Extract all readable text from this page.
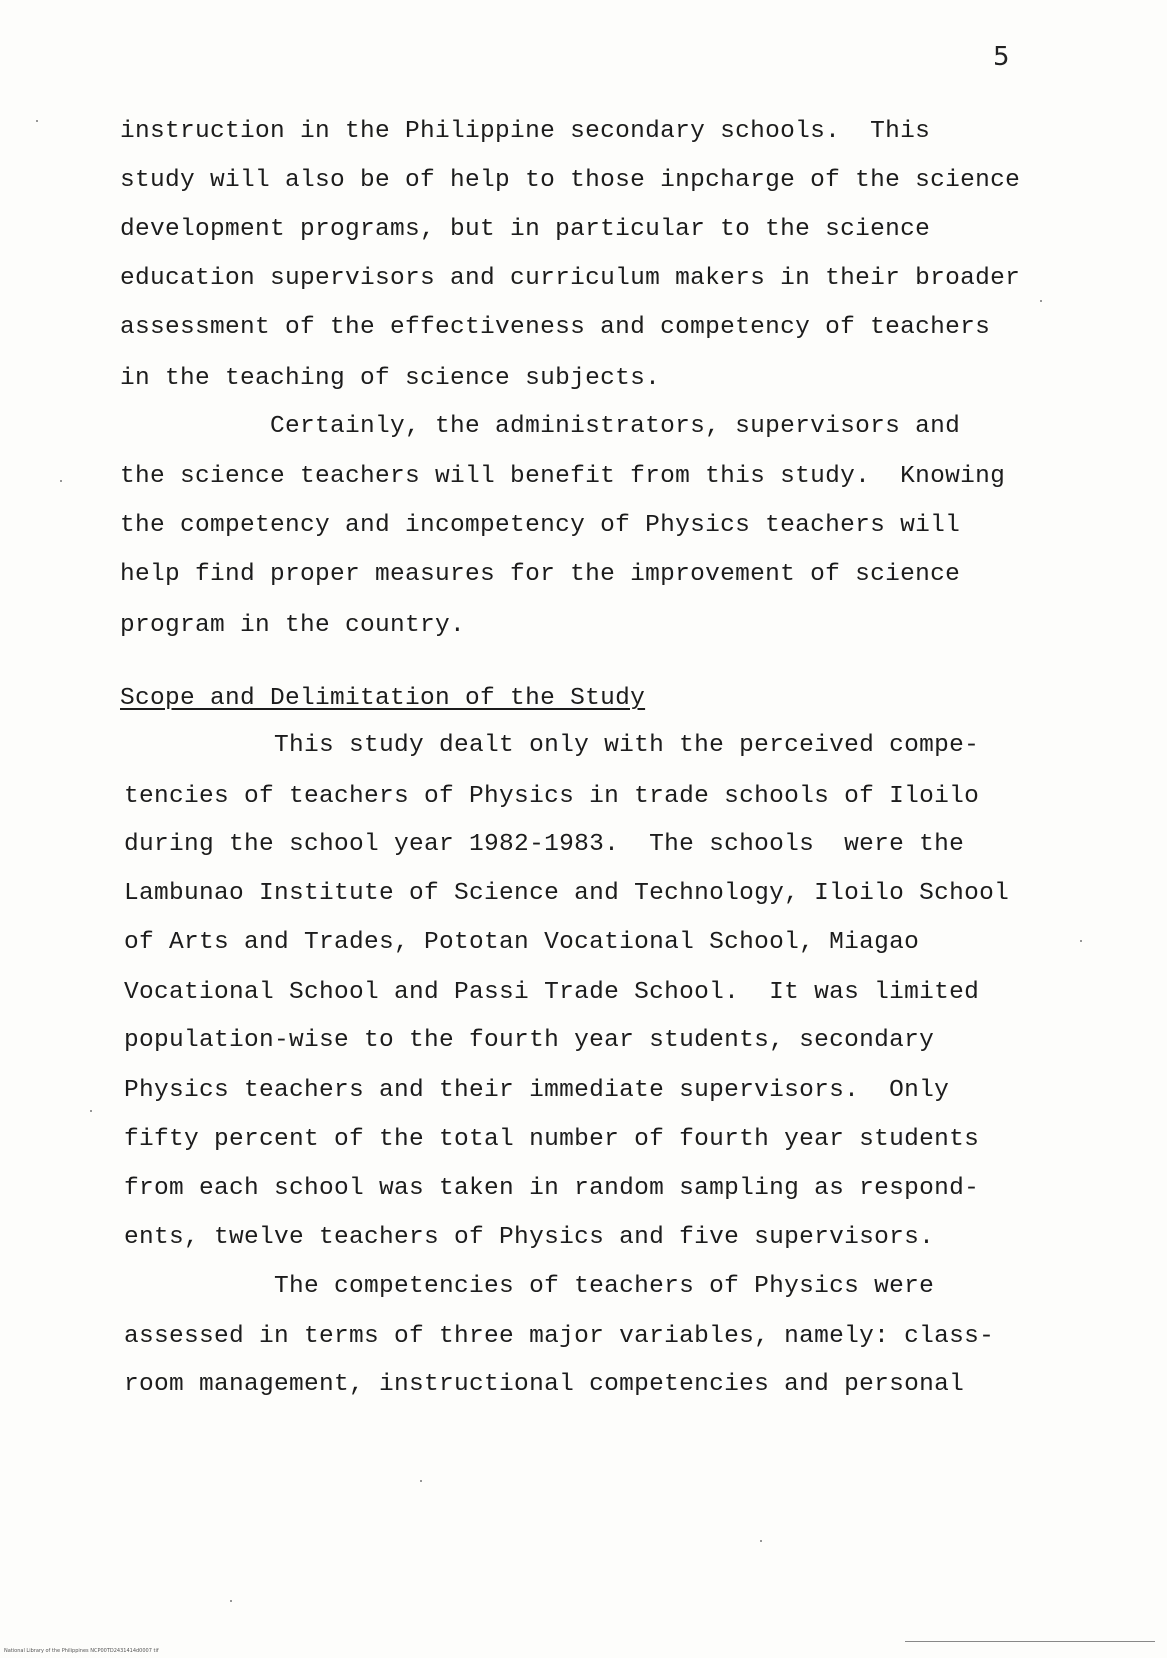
5
instruction in the Philippine secondary schools.  This
study will also be of help to those inpcharge of the science
development programs, but in particular to the science
education supervisors and curriculum makers in their broader
assessment of the effectiveness and competency of teachers
in the teaching of science subjects.
Certainly, the administrators, supervisors and
the science teachers will benefit from this study.  Knowing
the competency and incompetency of Physics teachers will
help find proper measures for the improvement of science
program in the country.
Scope and Delimitation of the Study
This study dealt only with the perceived compe-
tencies of teachers of Physics in trade schools of Iloilo
during the school year 1982-1983.  The schools  were the
Lambunao Institute of Science and Technology, Iloilo School
of Arts and Trades, Pototan Vocational School, Miagao
Vocational School and Passi Trade School.  It was limited
population-wise to the fourth year students, secondary
Physics teachers and their immediate supervisors.  Only
fifty percent of the total number of fourth year students
from each school was taken in random sampling as respond-
ents, twelve teachers of Physics and five supervisors.
The competencies of teachers of Physics were
assessed in terms of three major variables, namely: class-
room management, instructional competencies and personal
National Library of the Philippines NCP00TD2431414d0007 tif
